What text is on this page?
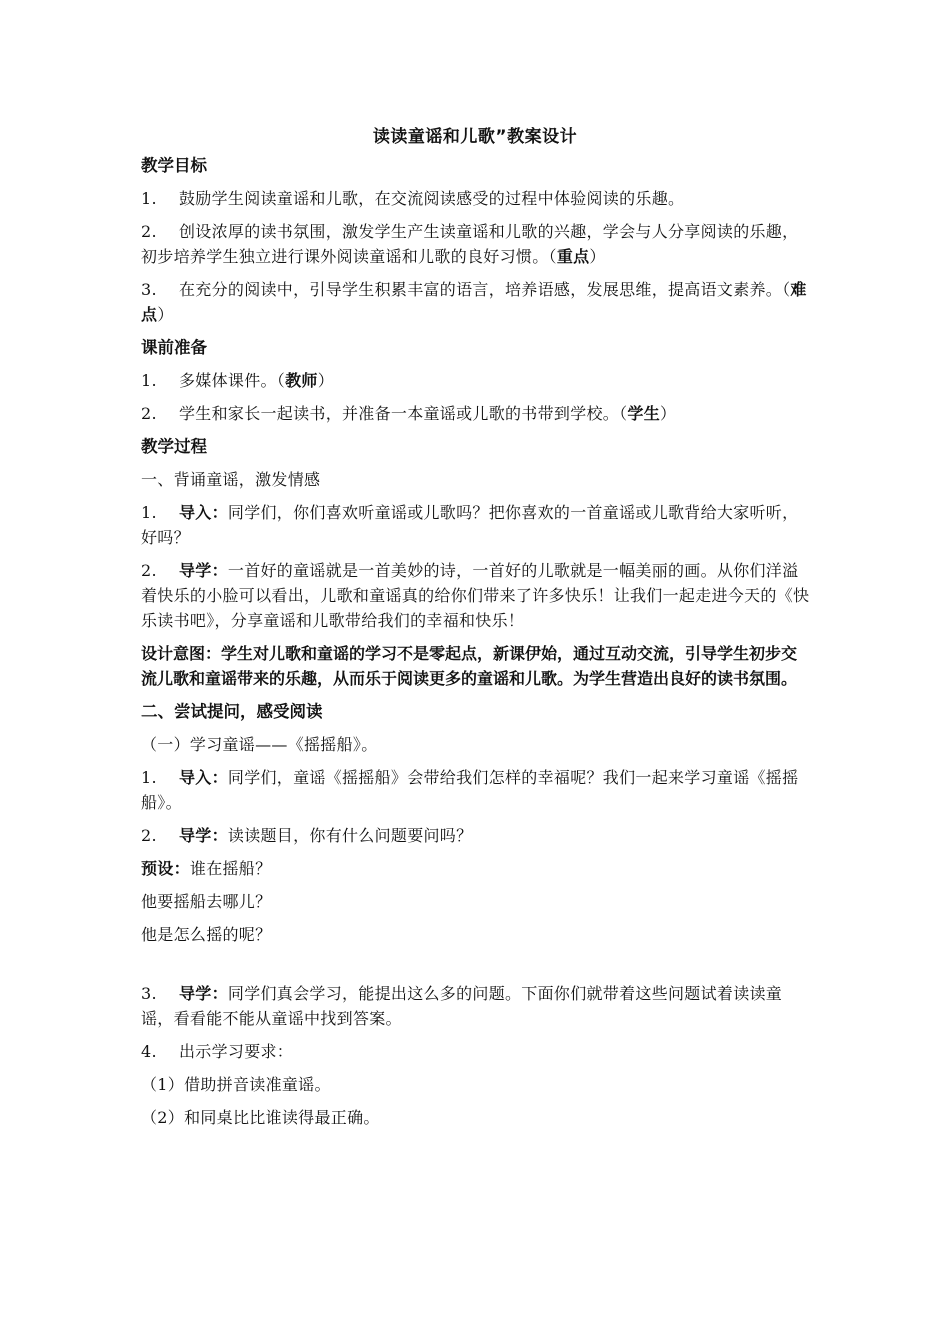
读读童谣和儿歌”教案设计
教学目标
1. 鼓励学生阅读童谣和儿歌，在交流阅读感受的过程中体验阅读的乐趣。
2. 创设浓厚的读书氛围，激发学生产生读童谣和儿歌的兴趣，学会与人分享阅读的乐趣，初步培养学生独立进行课外阅读童谣和儿歌的良好习惯。（重点）
3. 在充分的阅读中，引导学生积累丰富的语言，培养语感，发展思维，提高语文素养。（难点）
课前准备
1. 多媒体课件。（教师）
2. 学生和家长一起读书，并准备一本童谣或儿歌的书带到学校。（学生）
教学过程
一、背诵童谣，激发情感
1. 导入：同学们，你们喜欢听童谣或儿歌吗？把你喜欢的一首童谣或儿歌背给大家听听，好吗？
2. 导学：一首好的童谣就是一首美妙的诗，一首好的儿歌就是一幅美丽的画。从你们洋溢着快乐的小脸可以看出，儿歌和童谣真的给你们带来了许多快乐！让我们一起走进今天的《快乐读书吧》，分享童谣和儿歌带给我们的幸福和快乐！
设计意图：学生对儿歌和童谣的学习不是零起点，新课伊始，通过互动交流，引导学生初步交流儿歌和童谣带来的乐趣，从而乐于阅读更多的童谣和儿歌。为学生营造出良好的读书氛围。
二、尝试提问，感受阅读
（一）学习童谣——《摇摇船》。
1. 导入：同学们，童谣《摇摇船》会带给我们怎样的幸福呢？我们一起来学习童谣《摇摇船》。
2. 导学：读读题目，你有什么问题要问吗？
预设：谁在摇船？
他要摇船去哪儿？
他是怎么摇的呢？
3. 导学：同学们真会学习，能提出这么多的问题。下面你们就带着这些问题试着读读童谣，看看能不能从童谣中找到答案。
4. 出示学习要求：
（1）借助拼音读准童谣。
（2）和同桌比比谁读得最正确。
